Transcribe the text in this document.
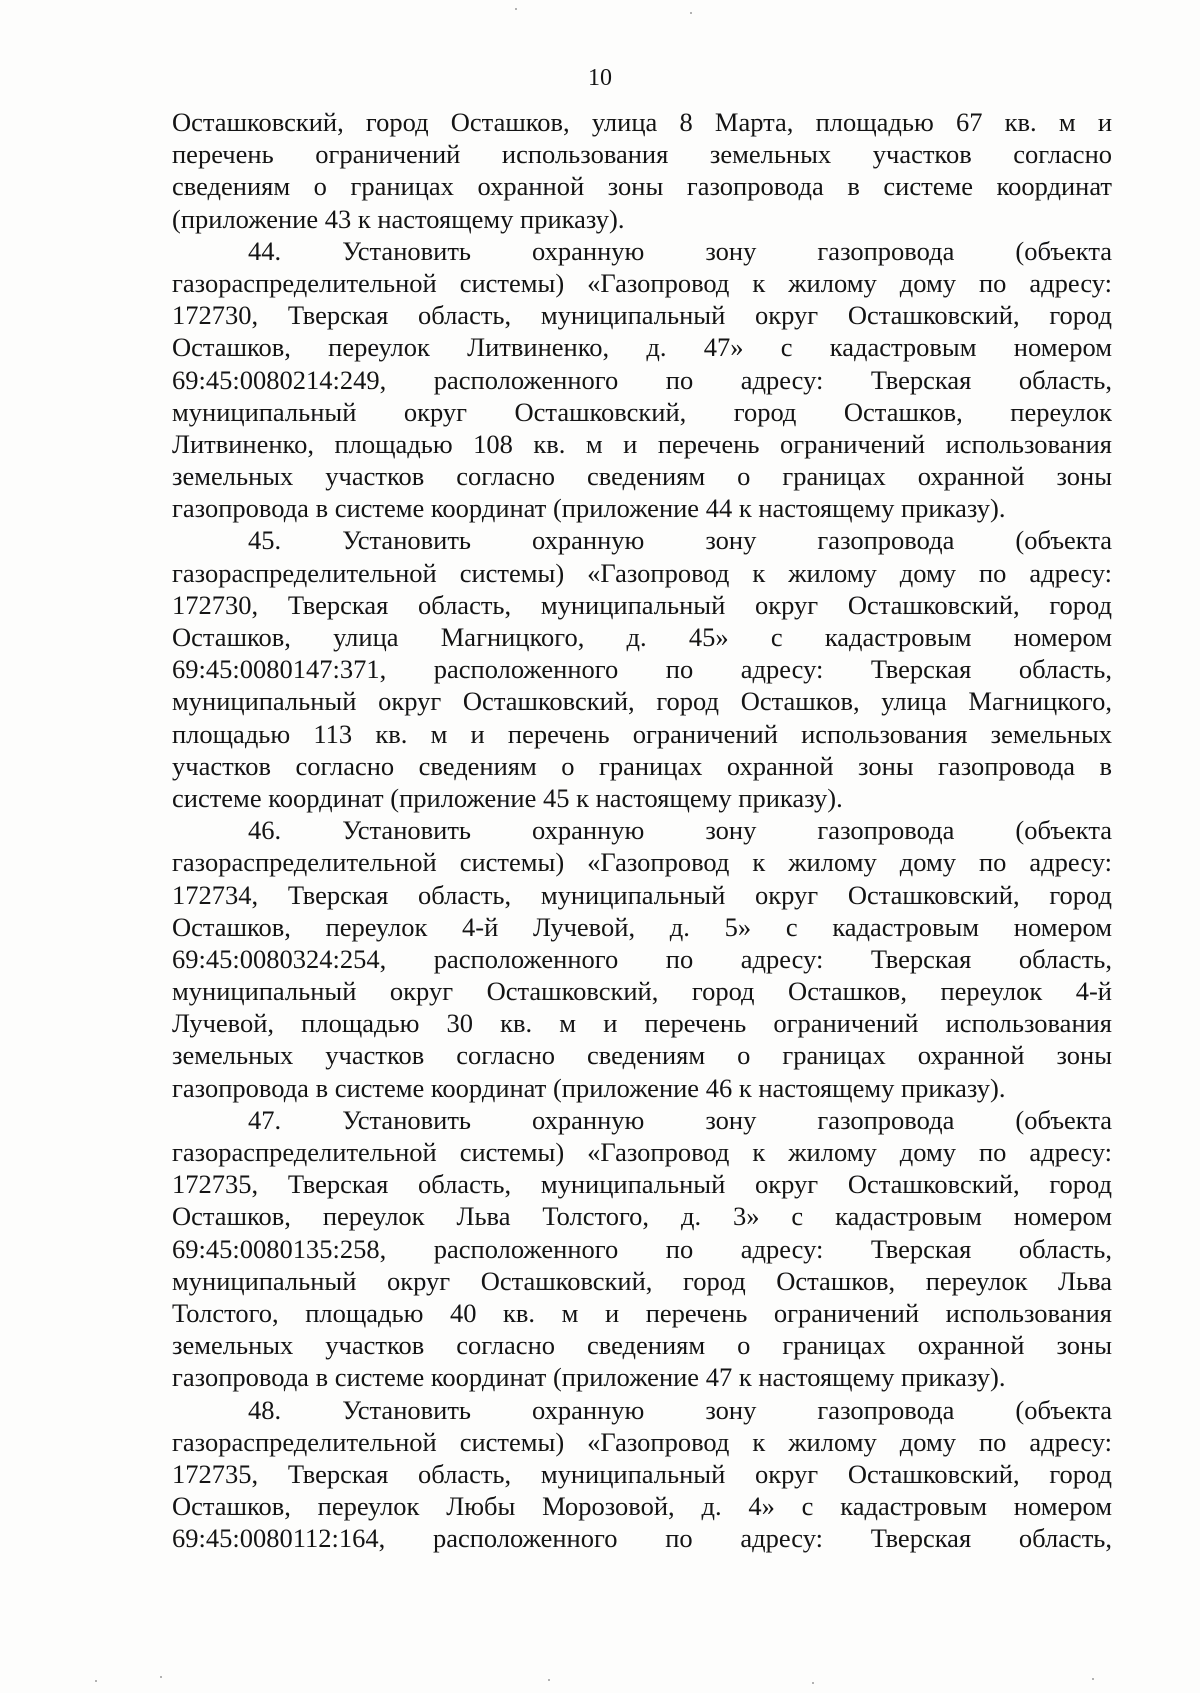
10
Осташковский, город Осташков, улица 8 Марта, площадью 67 кв. м и
перечень ограничений использования земельных участков согласно
сведениям о границах охранной зоны газопровода в системе координат
(приложение 43 к настоящему приказу).
44. Установить охранную зону газопровода (объекта
газораспределительной системы) «Газопровод к жилому дому по адресу:
172730, Тверская область, муниципальный округ Осташковский, город
Осташков, переулок Литвиненко, д. 47» с кадастровым номером
69:45:0080214:249, расположенного по адресу: Тверская область,
муниципальный округ Осташковский, город Осташков, переулок
Литвиненко, площадью 108 кв. м и перечень ограничений использования
земельных участков согласно сведениям о границах охранной зоны
газопровода в системе координат (приложение 44 к настоящему приказу).
45. Установить охранную зону газопровода (объекта
газораспределительной системы) «Газопровод к жилому дому по адресу:
172730, Тверская область, муниципальный округ Осташковский, город
Осташков, улица Магницкого, д. 45» с кадастровым номером
69:45:0080147:371, расположенного по адресу: Тверская область,
муниципальный округ Осташковский, город Осташков, улица Магницкого,
площадью 113 кв. м и перечень ограничений использования земельных
участков согласно сведениям о границах охранной зоны газопровода в
системе координат (приложение 45 к настоящему приказу).
46. Установить охранную зону газопровода (объекта
газораспределительной системы) «Газопровод к жилому дому по адресу:
172734, Тверская область, муниципальный округ Осташковский, город
Осташков, переулок 4-й Лучевой, д. 5» с кадастровым номером
69:45:0080324:254, расположенного по адресу: Тверская область,
муниципальный округ Осташковский, город Осташков, переулок 4-й
Лучевой, площадью 30 кв. м и перечень ограничений использования
земельных участков согласно сведениям о границах охранной зоны
газопровода в системе координат (приложение 46 к настоящему приказу).
47. Установить охранную зону газопровода (объекта
газораспределительной системы) «Газопровод к жилому дому по адресу:
172735, Тверская область, муниципальный округ Осташковский, город
Осташков, переулок Льва Толстого, д. 3» с кадастровым номером
69:45:0080135:258, расположенного по адресу: Тверская область,
муниципальный округ Осташковский, город Осташков, переулок Льва
Толстого, площадью 40 кв. м и перечень ограничений использования
земельных участков согласно сведениям о границах охранной зоны
газопровода в системе координат (приложение 47 к настоящему приказу).
48. Установить охранную зону газопровода (объекта
газораспределительной системы) «Газопровод к жилому дому по адресу:
172735, Тверская область, муниципальный округ Осташковский, город
Осташков, переулок Любы Морозовой, д. 4» с кадастровым номером
69:45:0080112:164, расположенного по адресу: Тверская область,
